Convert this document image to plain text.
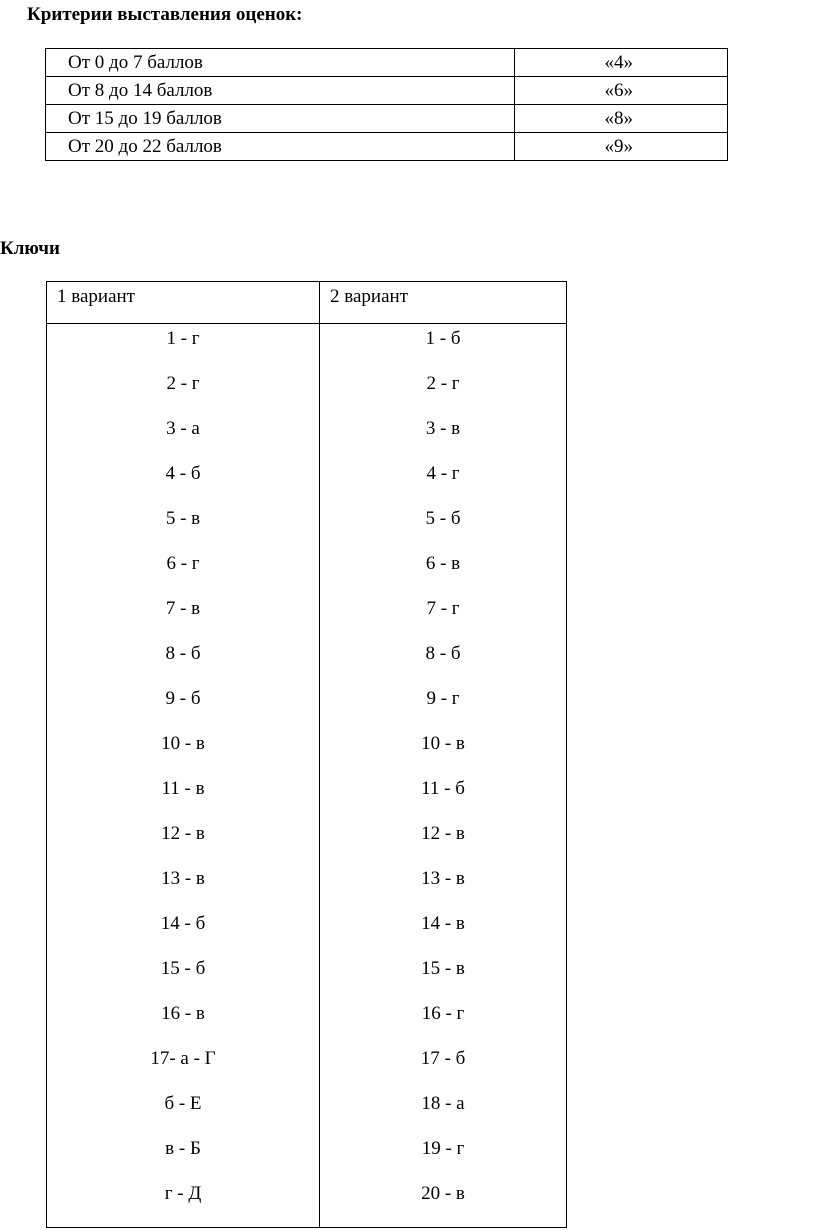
Критерии выставления оценок:
От 0 до 7 баллов	«4»
От 8 до 14 баллов	«6»
От 15 до 19 баллов	«8»
От 20 до 22 баллов	«9»
Ключи
1 вариант	2 вариант
1 - г	1 - б
2 - г	2 - г
3 - а	3 - в
4 - б	4 - г
5 - в	5 - б
6 - г	6 - в
7 - в	7 - г
8 - б	8 - б
9 - б	9 - г
10 - в	10 - в
11 - в	11 - б
12 - в	12 - в
13 - в	13 - в
14 - б	14 - в
15 - б	15 - в
16 - в	16 - г
17- а - Г	17 - б
б - Е	18 - а
в - Б	19 - г
г - Д	20 - в
